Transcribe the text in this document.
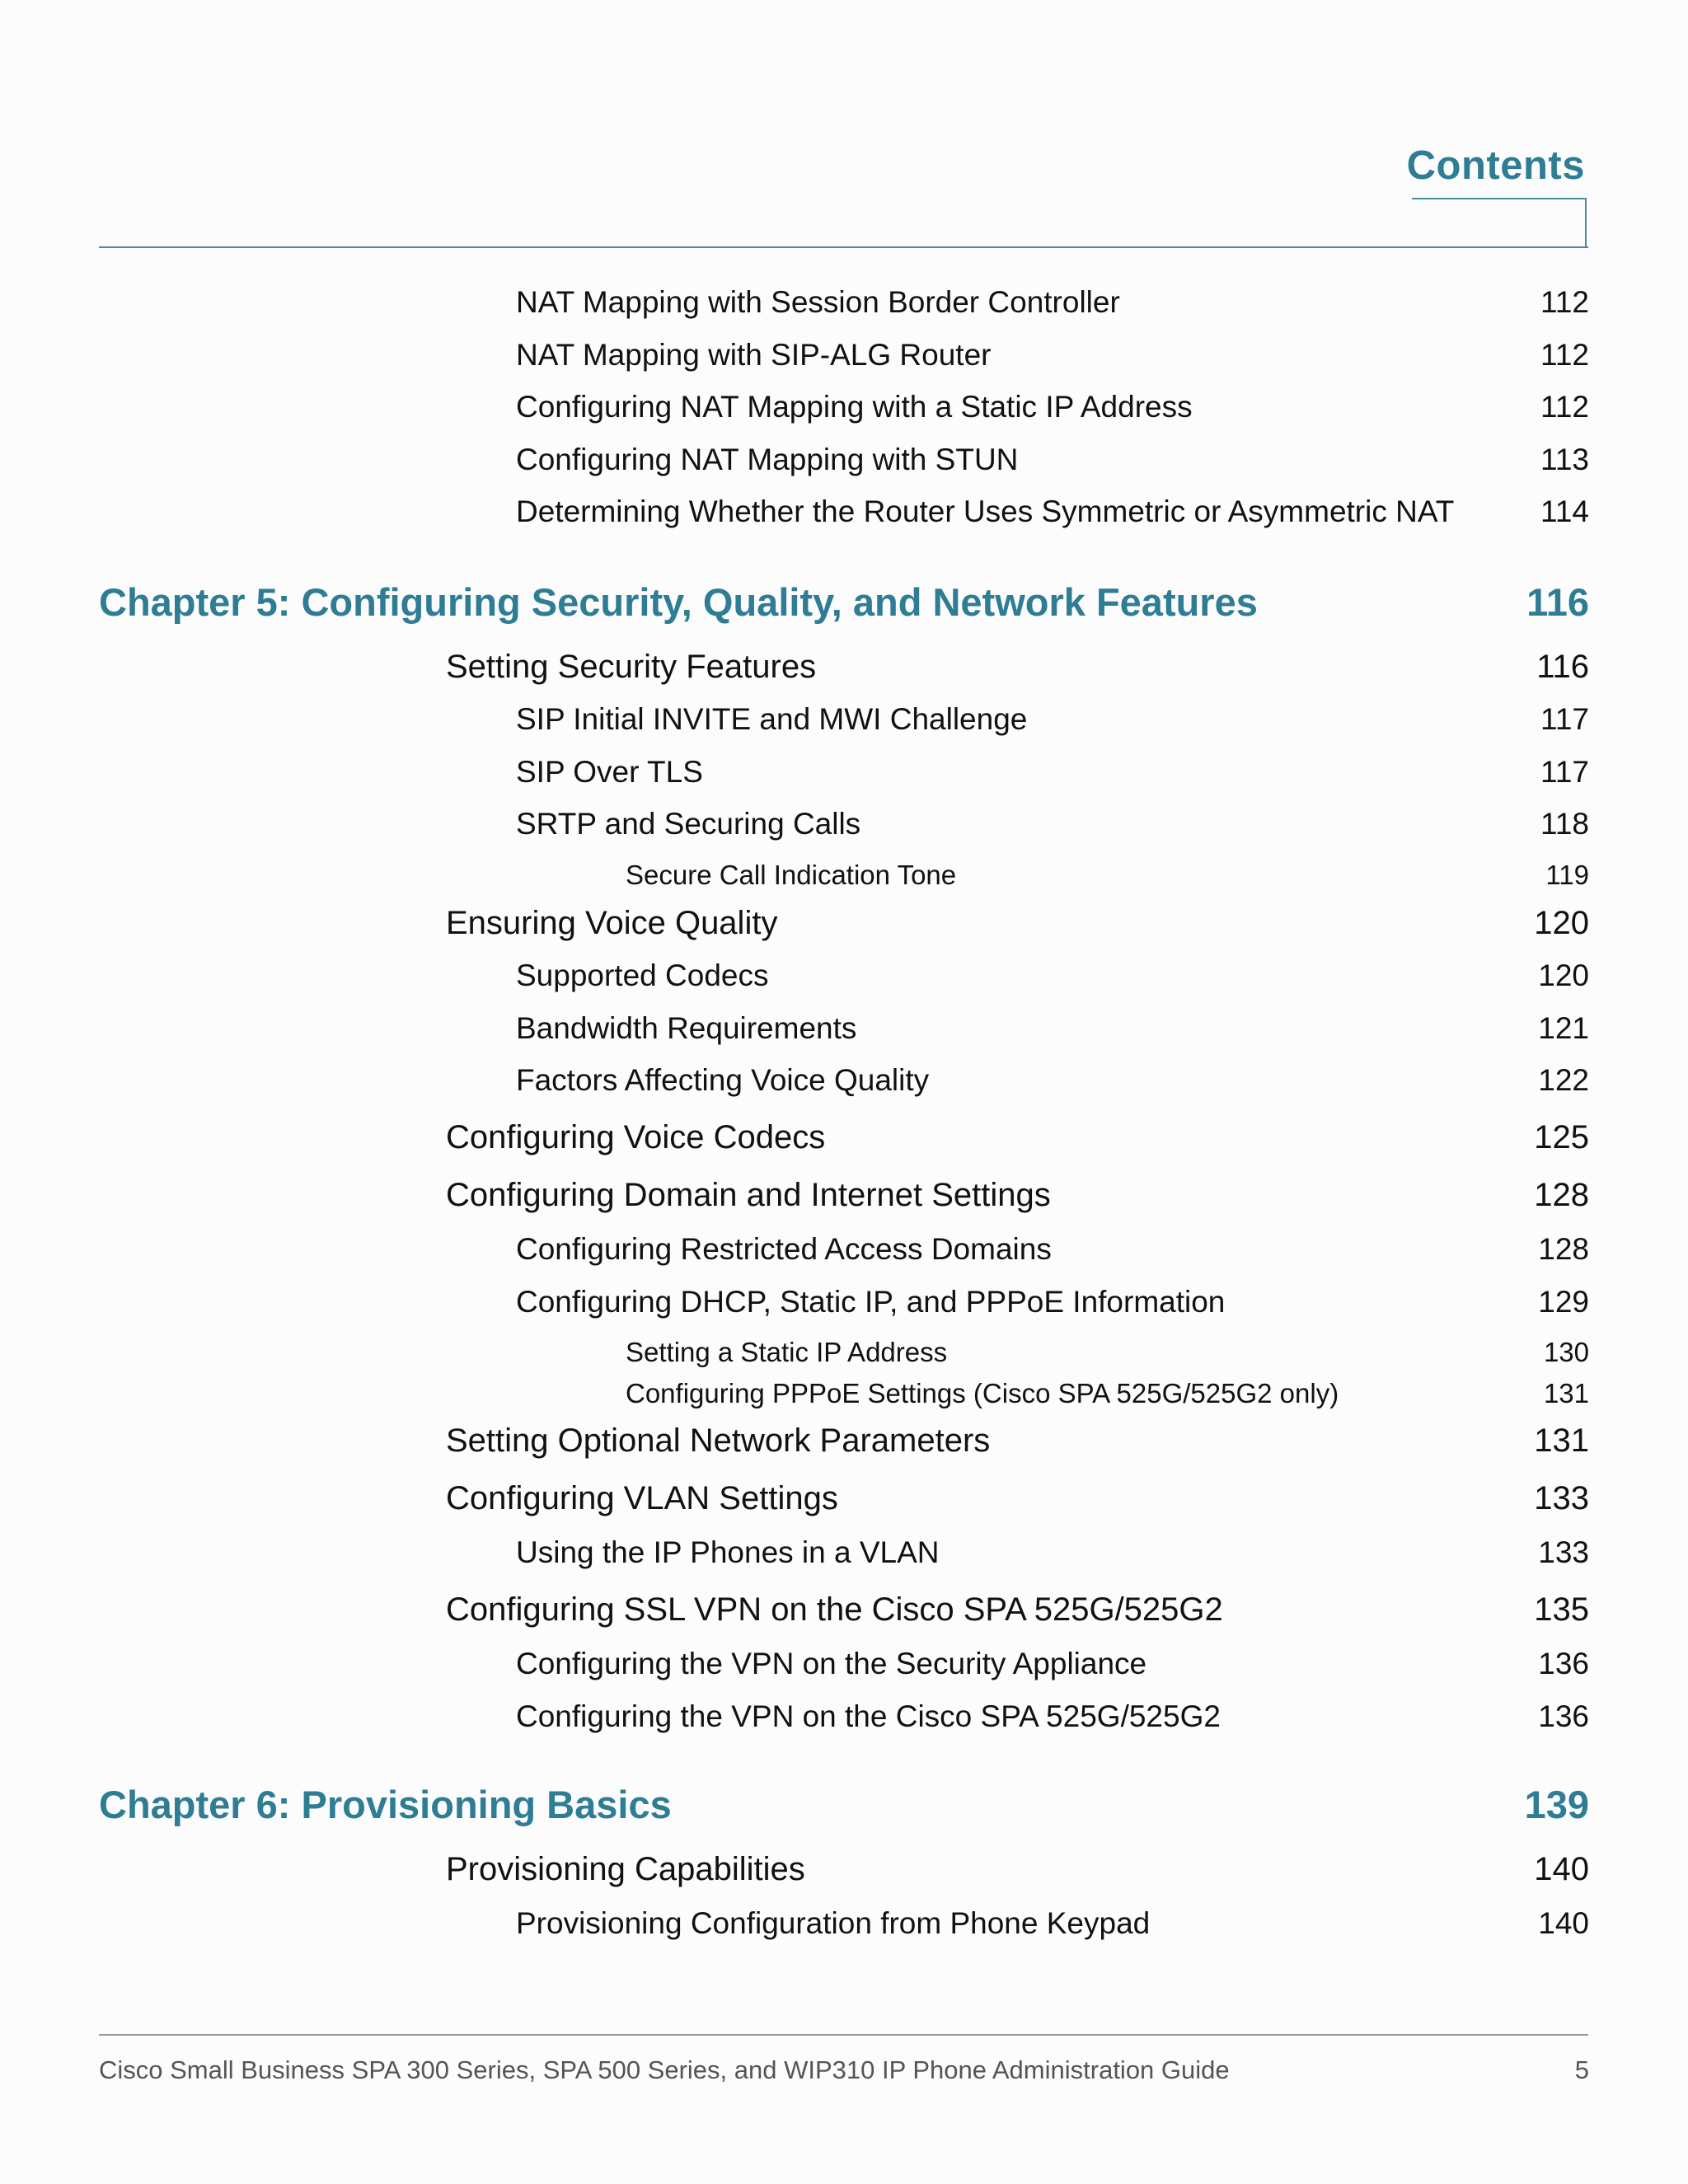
Contents
NAT Mapping with Session Border Controller	112
NAT Mapping with SIP-ALG Router	112
Configuring NAT Mapping with a Static IP Address	112
Configuring NAT Mapping with STUN	113
Determining Whether the Router Uses Symmetric or Asymmetric NAT	114
Chapter 5: Configuring Security, Quality, and Network Features	116
Setting Security Features	116
SIP Initial INVITE and MWI Challenge	117
SIP Over TLS	117
SRTP and Securing Calls	118
Secure Call Indication Tone	119
Ensuring Voice Quality	120
Supported Codecs	120
Bandwidth Requirements	121
Factors Affecting Voice Quality	122
Configuring Voice Codecs	125
Configuring Domain and Internet Settings	128
Configuring Restricted Access Domains	128
Configuring DHCP, Static IP, and PPPoE Information	129
Setting a Static IP Address	130
Configuring PPPoE Settings (Cisco SPA 525G/525G2 only)	131
Setting Optional Network Parameters	131
Configuring VLAN Settings	133
Using the IP Phones in a VLAN	133
Configuring SSL VPN on the Cisco SPA 525G/525G2	135
Configuring the VPN on the Security Appliance	136
Configuring the VPN on the Cisco SPA 525G/525G2	136
Chapter 6: Provisioning Basics	139
Provisioning Capabilities	140
Provisioning Configuration from Phone Keypad	140
Cisco Small Business SPA 300 Series, SPA 500 Series, and WIP310 IP Phone Administration Guide	5
